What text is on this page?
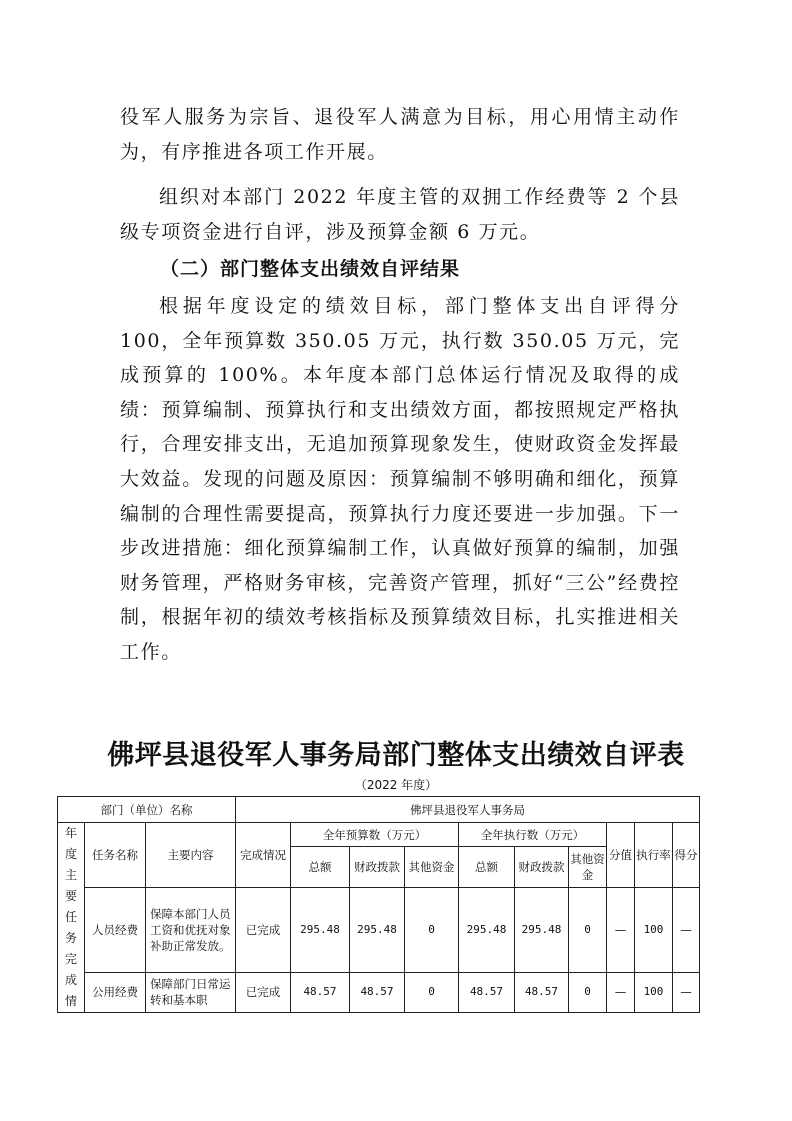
役军人服务为宗旨、退役军人满意为目标，用心用情主动作为，有序推进各项工作开展。

组织对本部门 2022 年度主管的双拥工作经费等 2 个县级专项资金进行自评，涉及预算金额 6 万元。

（二）部门整体支出绩效自评结果

根据年度设定的绩效目标，部门整体支出自评得分 100，全年预算数 350.05 万元，执行数 350.05 万元，完成预算的 100%。本年度本部门总体运行情况及取得的成绩：预算编制、预算执行和支出绩效方面，都按照规定严格执行，合理安排支出，无追加预算现象发生，使财政资金发挥最大效益。发现的问题及原因：预算编制不够明确和细化，预算编制的合理性需要提高，预算执行力度还要进一步加强。下一步改进措施：细化预算编制工作，认真做好预算的编制，加强财务管理，严格财务审核，完善资产管理，抓好“三公”经费控制，根据年初的绩效考核指标及预算绩效目标，扎实推进相关工作。

佛坪县退役军人事务局部门整体支出绩效自评表

（2022 年度）

部门（单位）名称			佛坪县退役军人事务局									

年度主要任务完成情	任务名称	主要内容	完成情况	全年预算数（万元）			全年执行数（万元）			分值	执行率	得分
				总额	财政拨款	其他资金	总额	财政拨款	其他资金			
	人员经费	保障本部门人员工资和优抚对象补助正常发放。	已完成	295.48	295.48	0	295.48	295.48	0	—	100	—
	公用经费	保障部门日常运转和基本职	已完成	48.57	48.57	0	48.57	48.57	0	—	100	—
